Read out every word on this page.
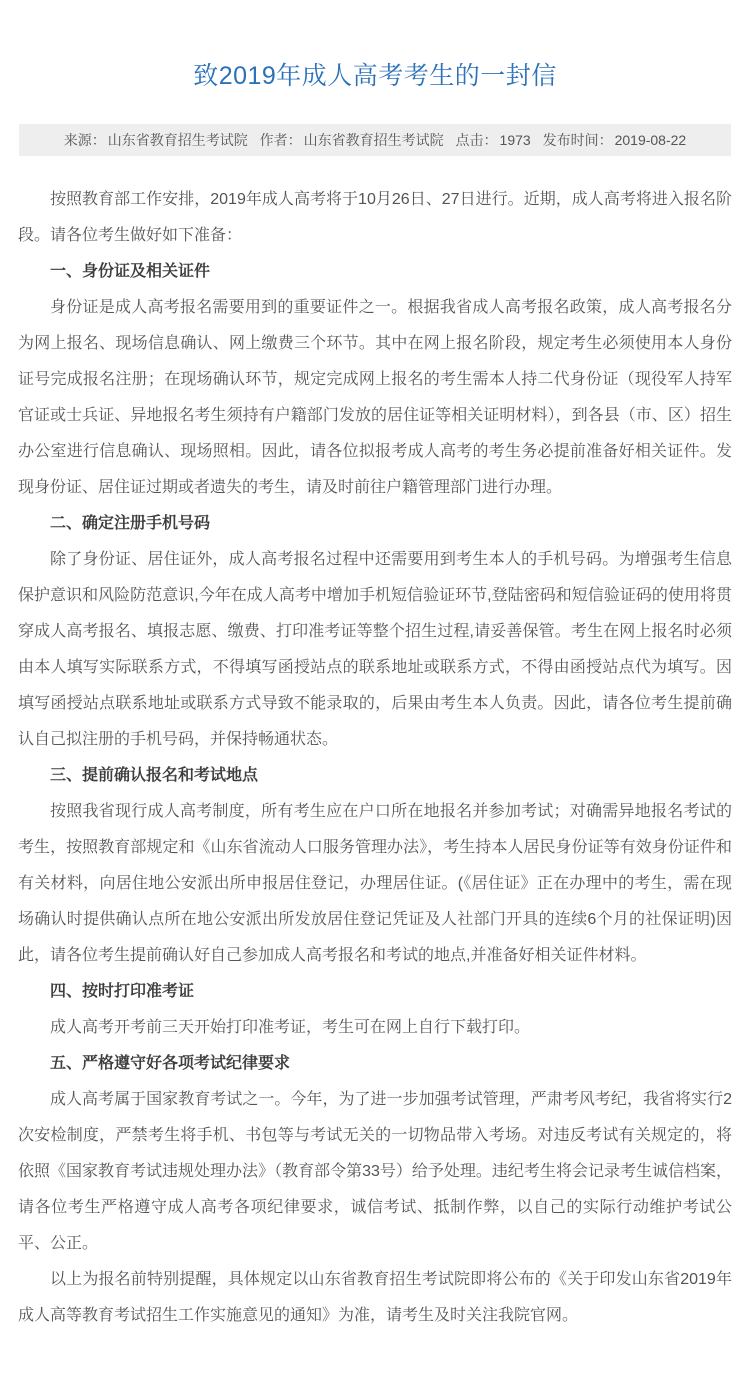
致2019年成人高考考生的一封信
来源： 山东省教育招生考试院 作者： 山东省教育招生考试院 点击： 1973 发布时间： 2019-08-22

按照教育部工作安排，2019年成人高考将于10月26日、27日进行。近期，成人高考将进入报名阶段。请各位考生做好如下准备：

一、身份证及相关证件

身份证是成人高考报名需要用到的重要证件之一。根据我省成人高考报名政策，成人高考报名分为网上报名、现场信息确认、网上缴费三个环节。其中在网上报名阶段，规定考生必须使用本人身份证号完成报名注册；在现场确认环节，规定完成网上报名的考生需本人持二代身份证（现役军人持军官证或士兵证、异地报名考生须持有户籍部门发放的居住证等相关证明材料），到各县（市、区）招生办公室进行信息确认、现场照相。因此，请各位拟报考成人高考的考生务必提前准备好相关证件。发现身份证、居住证过期或者遗失的考生，请及时前往户籍管理部门进行办理。

二、确定注册手机号码

除了身份证、居住证外，成人高考报名过程中还需要用到考生本人的手机号码。为增强考生信息保护意识和风险防范意识,今年在成人高考中增加手机短信验证环节,登陆密码和短信验证码的使用将贯穿成人高考报名、填报志愿、缴费、打印准考证等整个招生过程,请妥善保管。考生在网上报名时必须由本人填写实际联系方式，不得填写函授站点的联系地址或联系方式，不得由函授站点代为填写。因填写函授站点联系地址或联系方式导致不能录取的，后果由考生本人负责。因此，请各位考生提前确认自己拟注册的手机号码，并保持畅通状态。

三、提前确认报名和考试地点

按照我省现行成人高考制度，所有考生应在户口所在地报名并参加考试；对确需异地报名考试的考生，按照教育部规定和《山东省流动人口服务管理办法》，考生持本人居民身份证等有效身份证件和有关材料，向居住地公安派出所申报居住登记，办理居住证。(《居住证》正在办理中的考生，需在现场确认时提供确认点所在地公安派出所发放居住登记凭证及人社部门开具的连续6个月的社保证明)因此，请各位考生提前确认好自己参加成人高考报名和考试的地点,并准备好相关证件材料。

四、按时打印准考证

成人高考开考前三天开始打印准考证，考生可在网上自行下载打印。

五、严格遵守好各项考试纪律要求

成人高考属于国家教育考试之一。今年，为了进一步加强考试管理，严肃考风考纪，我省将实行2次安检制度，严禁考生将手机、书包等与考试无关的一切物品带入考场。对违反考试有关规定的，将依照《国家教育考试违规处理办法》（教育部令第33号）给予处理。违纪考生将会记录考生诚信档案，请各位考生严格遵守成人高考各项纪律要求，诚信考试、抵制作弊，以自己的实际行动维护考试公平、公正。

以上为报名前特别提醒，具体规定以山东省教育招生考试院即将公布的《关于印发山东省2019年成人高等教育考试招生工作实施意见的通知》为准，请考生及时关注我院官网。
